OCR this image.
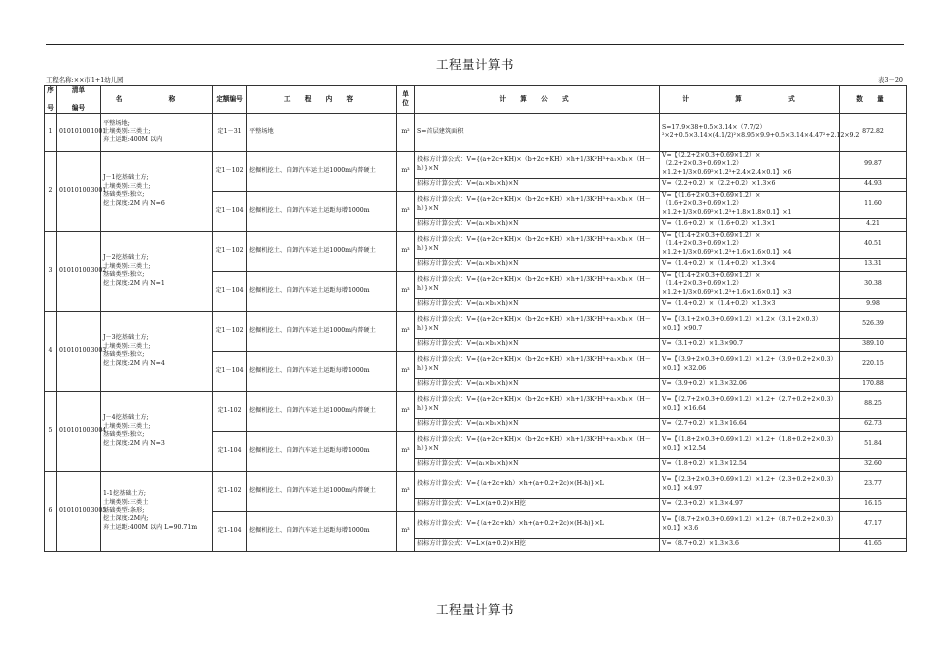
工程量计算书
工程名称:××市1+1幼儿园	表3－20
序

号	清单

编号	名 称	定额编号	工 程 内 容	单位	计 算 公 式	计 算 式	数 量
1	010101001001	平整场地;
土壤类别:三类土;
弃土运距:400M 以内	定1－31	平整场地	m²	S=首层建筑面积	S=17.9×38+0.5×3.14×（7.7/2）²×2+0.5×3.14×(4.1/2)²×8.95×9.9+0.5×3.14×4.47²+2.12×9.2	872.82
2	010101003001	J－1挖基础土方;
土壤类别:三类土;
基础类型:独立;
挖土深度:2M 内 N=6	定1－102	挖掘机挖土、自卸汽车运土运1000m内普硬土	m³	投标方计算公式：V={(a+2c+KH)×（b+2c+KH）×h+1/3K²H³+a₁×b₁×（H－h）}×N	V=【（2.2+2×0.3+0.69×1.2）×（2.2+2×0.3+0.69×1.2）×1.2+1/3×0.69²×1.2³+2.4×2.4×0.1】×6	99.87
						招标方计算公式：V=(a₁×b₁×h)×N	V=（2.2+0.2）×（2.2+0.2）×1.3×6	44.93
			定1－104	挖掘机挖土、自卸汽车运土运距每增1000m	m³	投标方计算公式：V={(a+2c+KH)×（b+2c+KH）×h+1/3K²H³+a₁×b₁×（H－h）}×N	V=【（1.6+2×0.3+0.69×1.2）×（1.6+2×0.3+0.69×1.2）×1.2+1/3×0.69²×1.2³+1.8×1.8×0.1】×1	11.60
						招标方计算公式：V=(a₁×b₁×h)×N	V=（1.6+0.2）×（1.6+0.2）×1.3×1	4.21
3	010101003002	J－2挖基础土方;
土壤类别:三类土;
基础类型:独立;
挖土深度:2M 内 N=1	定1－102	挖掘机挖土、自卸汽车运土运1000m内普硬土	m³	投标方计算公式：V={(a+2c+KH)×（b+2c+KH）×h+1/3K²H³+a₁×b₁×（H－h）}×N	V=【（1.4+2×0.3+0.69×1.2）×（1.4+2×0.3+0.69×1.2）×1.2+1/3×0.69²×1.2³+1.6×1.6×0.1】×4	40.51
						招标方计算公式：V=(a₁×b₁×h)×N	V=（1.4+0.2）×（1.4+0.2）×1.3×4	13.31
			定1－104	挖掘机挖土、自卸汽车运土运距每增1000m	m³	投标方计算公式：V={(a+2c+KH)×（b+2c+KH）×h+1/3K²H³+a₁×b₁×（H－h）}×N	V=【（1.4+2×0.3+0.69×1.2）×（1.4+2×0.3+0.69×1.2）×1.2+1/3×0.69²×1.2³+1.6×1.6×0.1】×3	30.38
						招标方计算公式：V=(a₁×b₁×h)×N	V=（1.4+0.2）×（1.4+0.2）×1.3×3	9.98
4	010101003003	J－3挖基础土方;
土壤类别:三类土;
基础类型:独立;
挖土深度:2M 内 N=4	定1－102	挖掘机挖土、自卸汽车运土运1000m内普硬土	m³	投标方计算公式：V={(a+2c+KH)×（b+2c+KH）×h+1/3K²H³+a₁×b₁×（H－h）}×N	V=【（3.1+2×0.3+0.69×1.2）×1.2×（3.1+2×0.3）×0.1】×90.7	526.39
						招标方计算公式：V=(a₁×b₁×h)×N	V=（3.1+0.2）×1.3×90.7	389.10
			定1－104	挖掘机挖土、自卸汽车运土运距每增1000m	m³	投标方计算公式：V={(a+2c+KH)×（b+2c+KH）×h+1/3K²H³+a₁×b₁×（H－h）}×N	V=【（3.9+2×0.3+0.69×1.2）×1.2+（3.9+0.2+2×0.3）×0.1】×32.06	220.15
						招标方计算公式：V=(a₁×b₁×h)×N	V=（3.9+0.2）×1.3×32.06	170.88
5	010101003004	J－4挖基础土方;
土壤类别:三类土;
基础类型:独立;
挖土深度:2M 内 N=3	定1-102	挖掘机挖土、自卸汽车运土运1000m内普硬土	m³	投标方计算公式：V={(a+2c+KH)×（b+2c+KH）×h+1/3K²H³+a₁×b₁×（H－h）}×N	V=【（2.7+2×0.3+0.69×1.2）×1.2+（2.7+0.2+2×0.3）×0.1】×16.64	88.25
						招标方计算公式：V=(a₁×b₁×h)×N	V=（2.7+0.2）×1.3×16.64	62.73
			定1-104	挖掘机挖土、自卸汽车运土运距每增1000m	m³	投标方计算公式：V={(a+2c+KH)×（b+2c+KH）×h+1/3K²H³+a₁×b₁×（H－h）}×N	V=【（1.8+2×0.3+0.69×1.2）×1.2+（1.8+0.2+2×0.3）×0.1】×12.54	51.84
						招标方计算公式：V=(a₁×b₁×h)×N	V=（1.8+0.2）×1.3×12.54	32.60
6	010101003005	1-1挖基础土方;
土壤类别:三类土
基础类型:条形;
挖土深度:2M内;
弃土运距:400M 以内 L=90.71m	定1-102	挖掘机挖土、自卸汽车运土运1000m内普硬土	m³	投标方计算公式：V={（a+2c+kh）×h+(a+0.2+2c)×(H-h)}×L	V=【（2.3+2×0.3+0.69×1.2）×1.2+（2.3+0.2+2×0.3）×0.1】×4.97	23.77
						招标方计算公式：V=L×(a+0.2)×H挖	V=（2.3+0.2）×1.3×4.97	16.15
			定1-104	挖掘机挖土、自卸汽车运土运距每增1000m	m³	投标方计算公式：V={（a+2c+kh）×h+(a+0.2+2c)×(H-h)}×L	V=【（8.7+2×0.3+0.69×1.2）×1.2+（8.7+0.2+2×0.3）×0.1】×3.6	47.17
						招标方计算公式：V=L×(a+0.2)×H挖	V=（8.7+0.2）×1.3×3.6	41.65
工程量计算书
